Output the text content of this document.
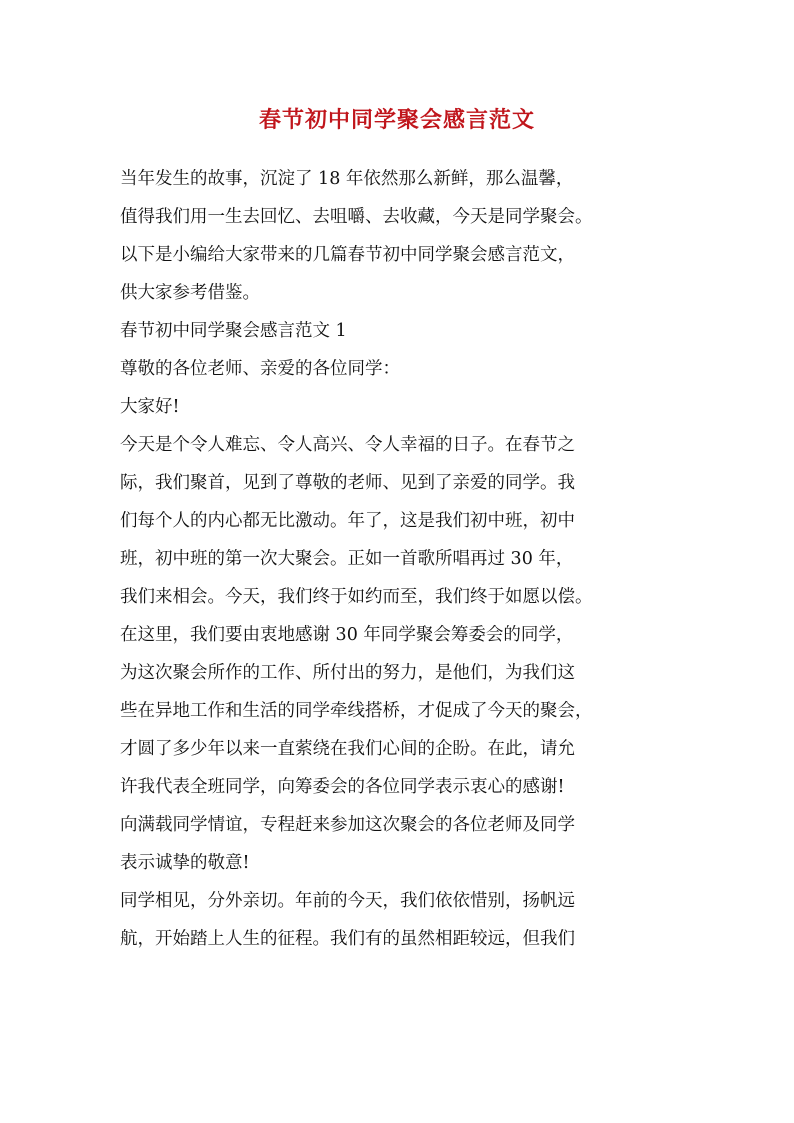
春节初中同学聚会感言范文
当年发生的故事，沉淀了 18 年依然那么新鲜，那么温馨，
值得我们用一生去回忆、去咀嚼、去收藏，今天是同学聚会。
以下是小编给大家带来的几篇春节初中同学聚会感言范文，
供大家参考借鉴。
春节初中同学聚会感言范文 1
尊敬的各位老师、亲爱的各位同学：
大家好!
今天是个令人难忘、令人高兴、令人幸福的日子。在春节之
际，我们聚首，见到了尊敬的老师、见到了亲爱的同学。我
们每个人的内心都无比激动。年了，这是我们初中班，初中
班，初中班的第一次大聚会。正如一首歌所唱再过 30 年，
我们来相会。今天，我们终于如约而至，我们终于如愿以偿。
在这里，我们要由衷地感谢 30 年同学聚会筹委会的同学，
为这次聚会所作的工作、所付出的努力，是他们，为我们这
些在异地工作和生活的同学牵线搭桥，才促成了今天的聚会，
才圆了多少年以来一直萦绕在我们心间的企盼。在此，请允
许我代表全班同学，向筹委会的各位同学表示衷心的感谢!
向满载同学情谊，专程赶来参加这次聚会的各位老师及同学
表示诚挚的敬意!
同学相见，分外亲切。年前的今天，我们依依惜别，扬帆远
航，开始踏上人生的征程。我们有的虽然相距较远，但我们
